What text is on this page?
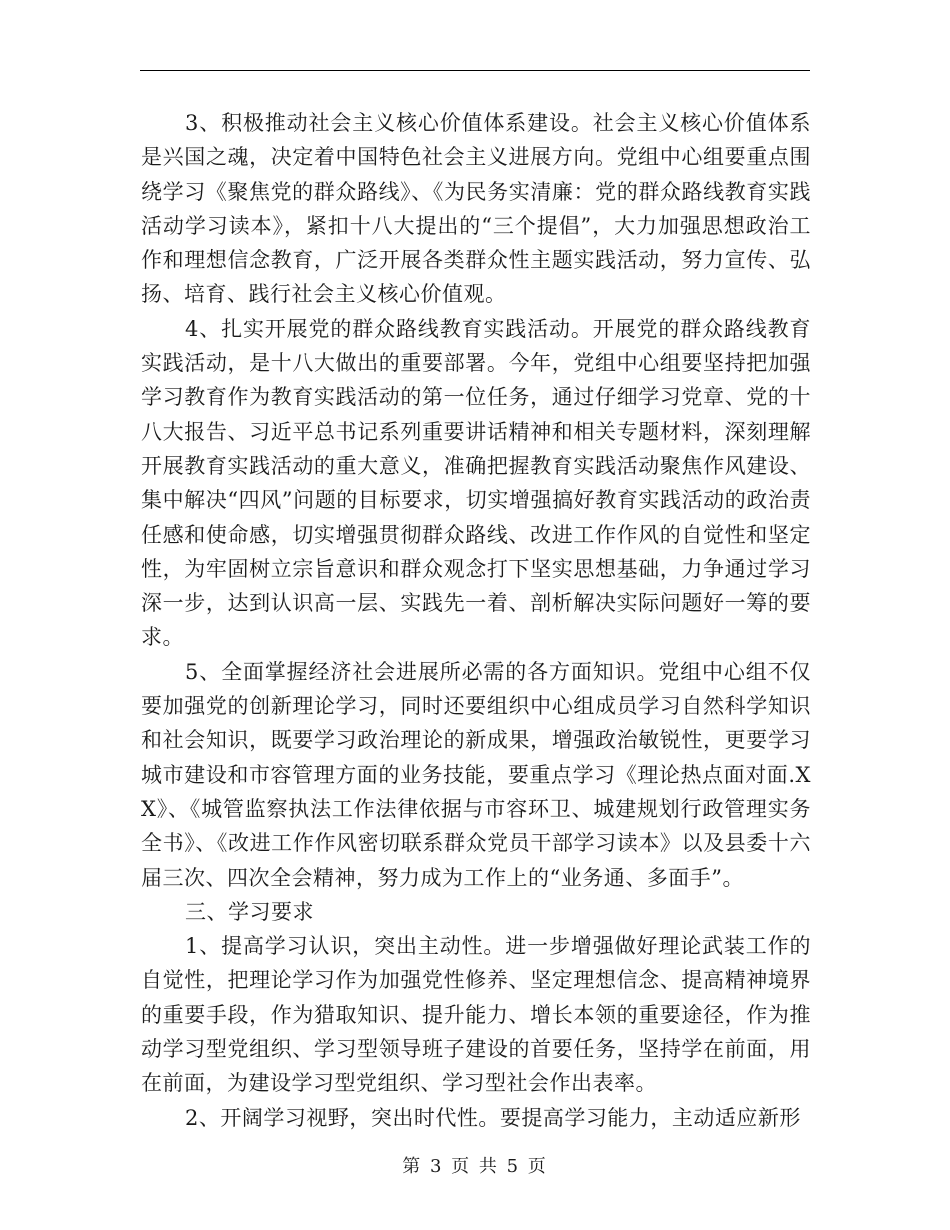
3、积极推动社会主义核心价值体系建设。社会主义核心价值体系是兴国之魂，决定着中国特色社会主义进展方向。党组中心组要重点围绕学习《聚焦党的群众路线》、《为民务实清廉：党的群众路线教育实践活动学习读本》，紧扣十八大提出的“三个提倡”，大力加强思想政治工作和理想信念教育，广泛开展各类群众性主题实践活动，努力宣传、弘扬、培育、践行社会主义核心价值观。

4、扎实开展党的群众路线教育实践活动。开展党的群众路线教育实践活动，是十八大做出的重要部署。今年，党组中心组要坚持把加强学习教育作为教育实践活动的第一位任务，通过仔细学习党章、党的十八大报告、习近平总书记系列重要讲话精神和相关专题材料，深刻理解开展教育实践活动的重大意义，准确把握教育实践活动聚焦作风建设、集中解决“四风”问题的目标要求，切实增强搞好教育实践活动的政治责任感和使命感，切实增强贯彻群众路线、改进工作作风的自觉性和坚定性，为牢固树立宗旨意识和群众观念打下坚实思想基础，力争通过学习深一步，达到认识高一层、实践先一着、剖析解决实际问题好一筹的要求。

5、全面掌握经济社会进展所必需的各方面知识。党组中心组不仅要加强党的创新理论学习，同时还要组织中心组成员学习自然科学知识和社会知识，既要学习政治理论的新成果，增强政治敏锐性，更要学习城市建设和市容管理方面的业务技能，要重点学习《理论热点面对面.XX》、《城管监察执法工作法律依据与市容环卫、城建规划行政管理实务全书》、《改进工作作风密切联系群众党员干部学习读本》以及县委十六届三次、四次全会精神，努力成为工作上的“业务通、多面手”。

三、学习要求

1、提高学习认识，突出主动性。进一步增强做好理论武装工作的自觉性，把理论学习作为加强党性修养、坚定理想信念、提高精神境界的重要手段，作为猎取知识、提升能力、增长本领的重要途径，作为推动学习型党组织、学习型领导班子建设的首要任务，坚持学在前面，用在前面，为建设学习型党组织、学习型社会作出表率。

2、开阔学习视野，突出时代性。要提高学习能力，主动适应新形

第 3 页 共 5 页
